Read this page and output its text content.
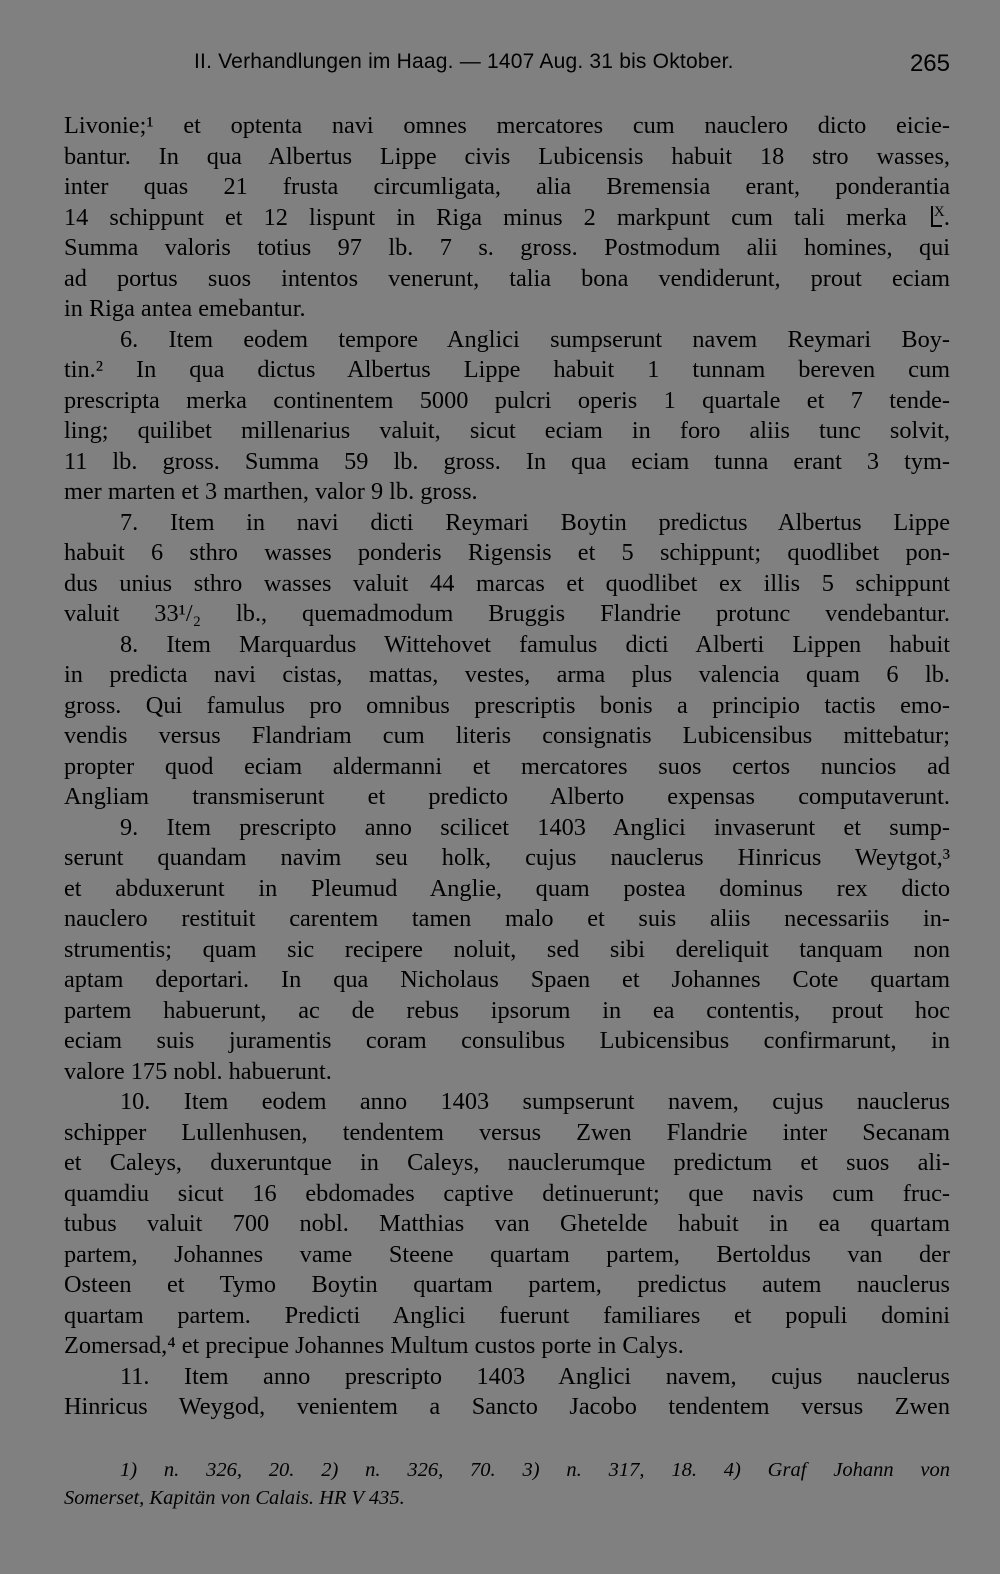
II. Verhandlungen im Haag. — 1407 Aug. 31 bis Oktober.	265
Livonie;¹ et optenta navi omnes mercatores cum nauclero dicto eicie-
bantur. In qua Albertus Lippe civis Lubicensis habuit 18 stro wasses,
inter quas 21 frusta circumligata, alia Bremensia erant, ponderantia
14 schippunt et 12 lispunt in Riga minus 2 markpunt cum tali merka X .
Summa valoris totius 97 lb. 7 s. gross. Postmodum alii homines, qui
ad portus suos intentos venerunt, talia bona vendiderunt, prout eciam
in Riga antea emebantur.
6. Item eodem tempore Anglici sumpserunt navem Reymari Boy-
tin.² In qua dictus Albertus Lippe habuit 1 tunnam bereven cum
prescripta merka continentem 5000 pulcri operis 1 quartale et 7 tende-
ling; quilibet millenarius valuit, sicut eciam in foro aliis tunc solvit,
11 lb. gross. Summa 59 lb. gross. In qua eciam tunna erant 3 tym-
mer marten et 3 marthen, valor 9 lb. gross.
7. Item in navi dicti Reymari Boytin predictus Albertus Lippe
habuit 6 sthro wasses ponderis Rigensis et 5 schippunt; quodlibet pon-
dus unius sthro wasses valuit 44 marcas et quodlibet ex illis 5 schippunt
valuit 33¹/₂ lb., quemadmodum Bruggis Flandrie protunc vendebantur.
8. Item Marquardus Wittehovet famulus dicti Alberti Lippen habuit
in predicta navi cistas, mattas, vestes, arma plus valencia quam 6 lb.
gross. Qui famulus pro omnibus prescriptis bonis a principio tactis emo-
vendis versus Flandriam cum literis consignatis Lubicensibus mittebatur;
propter quod eciam aldermanni et mercatores suos certos nuncios ad
Angliam transmiserunt et predicto Alberto expensas computaverunt.
9. Item prescripto anno scilicet 1403 Anglici invaserunt et sump-
serunt quandam navim seu holk, cujus nauclerus Hinricus Weytgot,³
et abduxerunt in Pleumud Anglie, quam postea dominus rex dicto
nauclero restituit carentem tamen malo et suis aliis necessariis in-
strumentis; quam sic recipere noluit, sed sibi dereliquit tanquam non
aptam deportari. In qua Nicholaus Spaen et Johannes Cote quartam
partem habuerunt, ac de rebus ipsorum in ea contentis, prout hoc
eciam suis juramentis coram consulibus Lubicensibus confirmarunt, in
valore 175 nobl. habuerunt.
10. Item eodem anno 1403 sumpserunt navem, cujus nauclerus
schipper Lullenhusen, tendentem versus Zwen Flandrie inter Secanam
et Caleys, duxeruntque in Caleys, nauclerumque predictum et suos ali-
quamdiu sicut 16 ebdomades captive detinuerunt; que navis cum fruc-
tubus valuit 700 nobl. Matthias van Ghetelde habuit in ea quartam
partem, Johannes vame Steene quartam partem, Bertoldus van der
Osteen et Tymo Boytin quartam partem, predictus autem nauclerus
quartam partem. Predicti Anglici fuerunt familiares et populi domini
Zomersad,⁴ et precipue Johannes Multum custos porte in Calys.
11. Item anno prescripto 1403 Anglici navem, cujus nauclerus
Hinricus Weygod, venientem a Sancto Jacobo tendentem versus Zwen
1) n. 326, 20. 2) n. 326, 70. 3) n. 317, 18. 4) Graf Johann von
Somerset, Kapitän von Calais. HR V 435.
